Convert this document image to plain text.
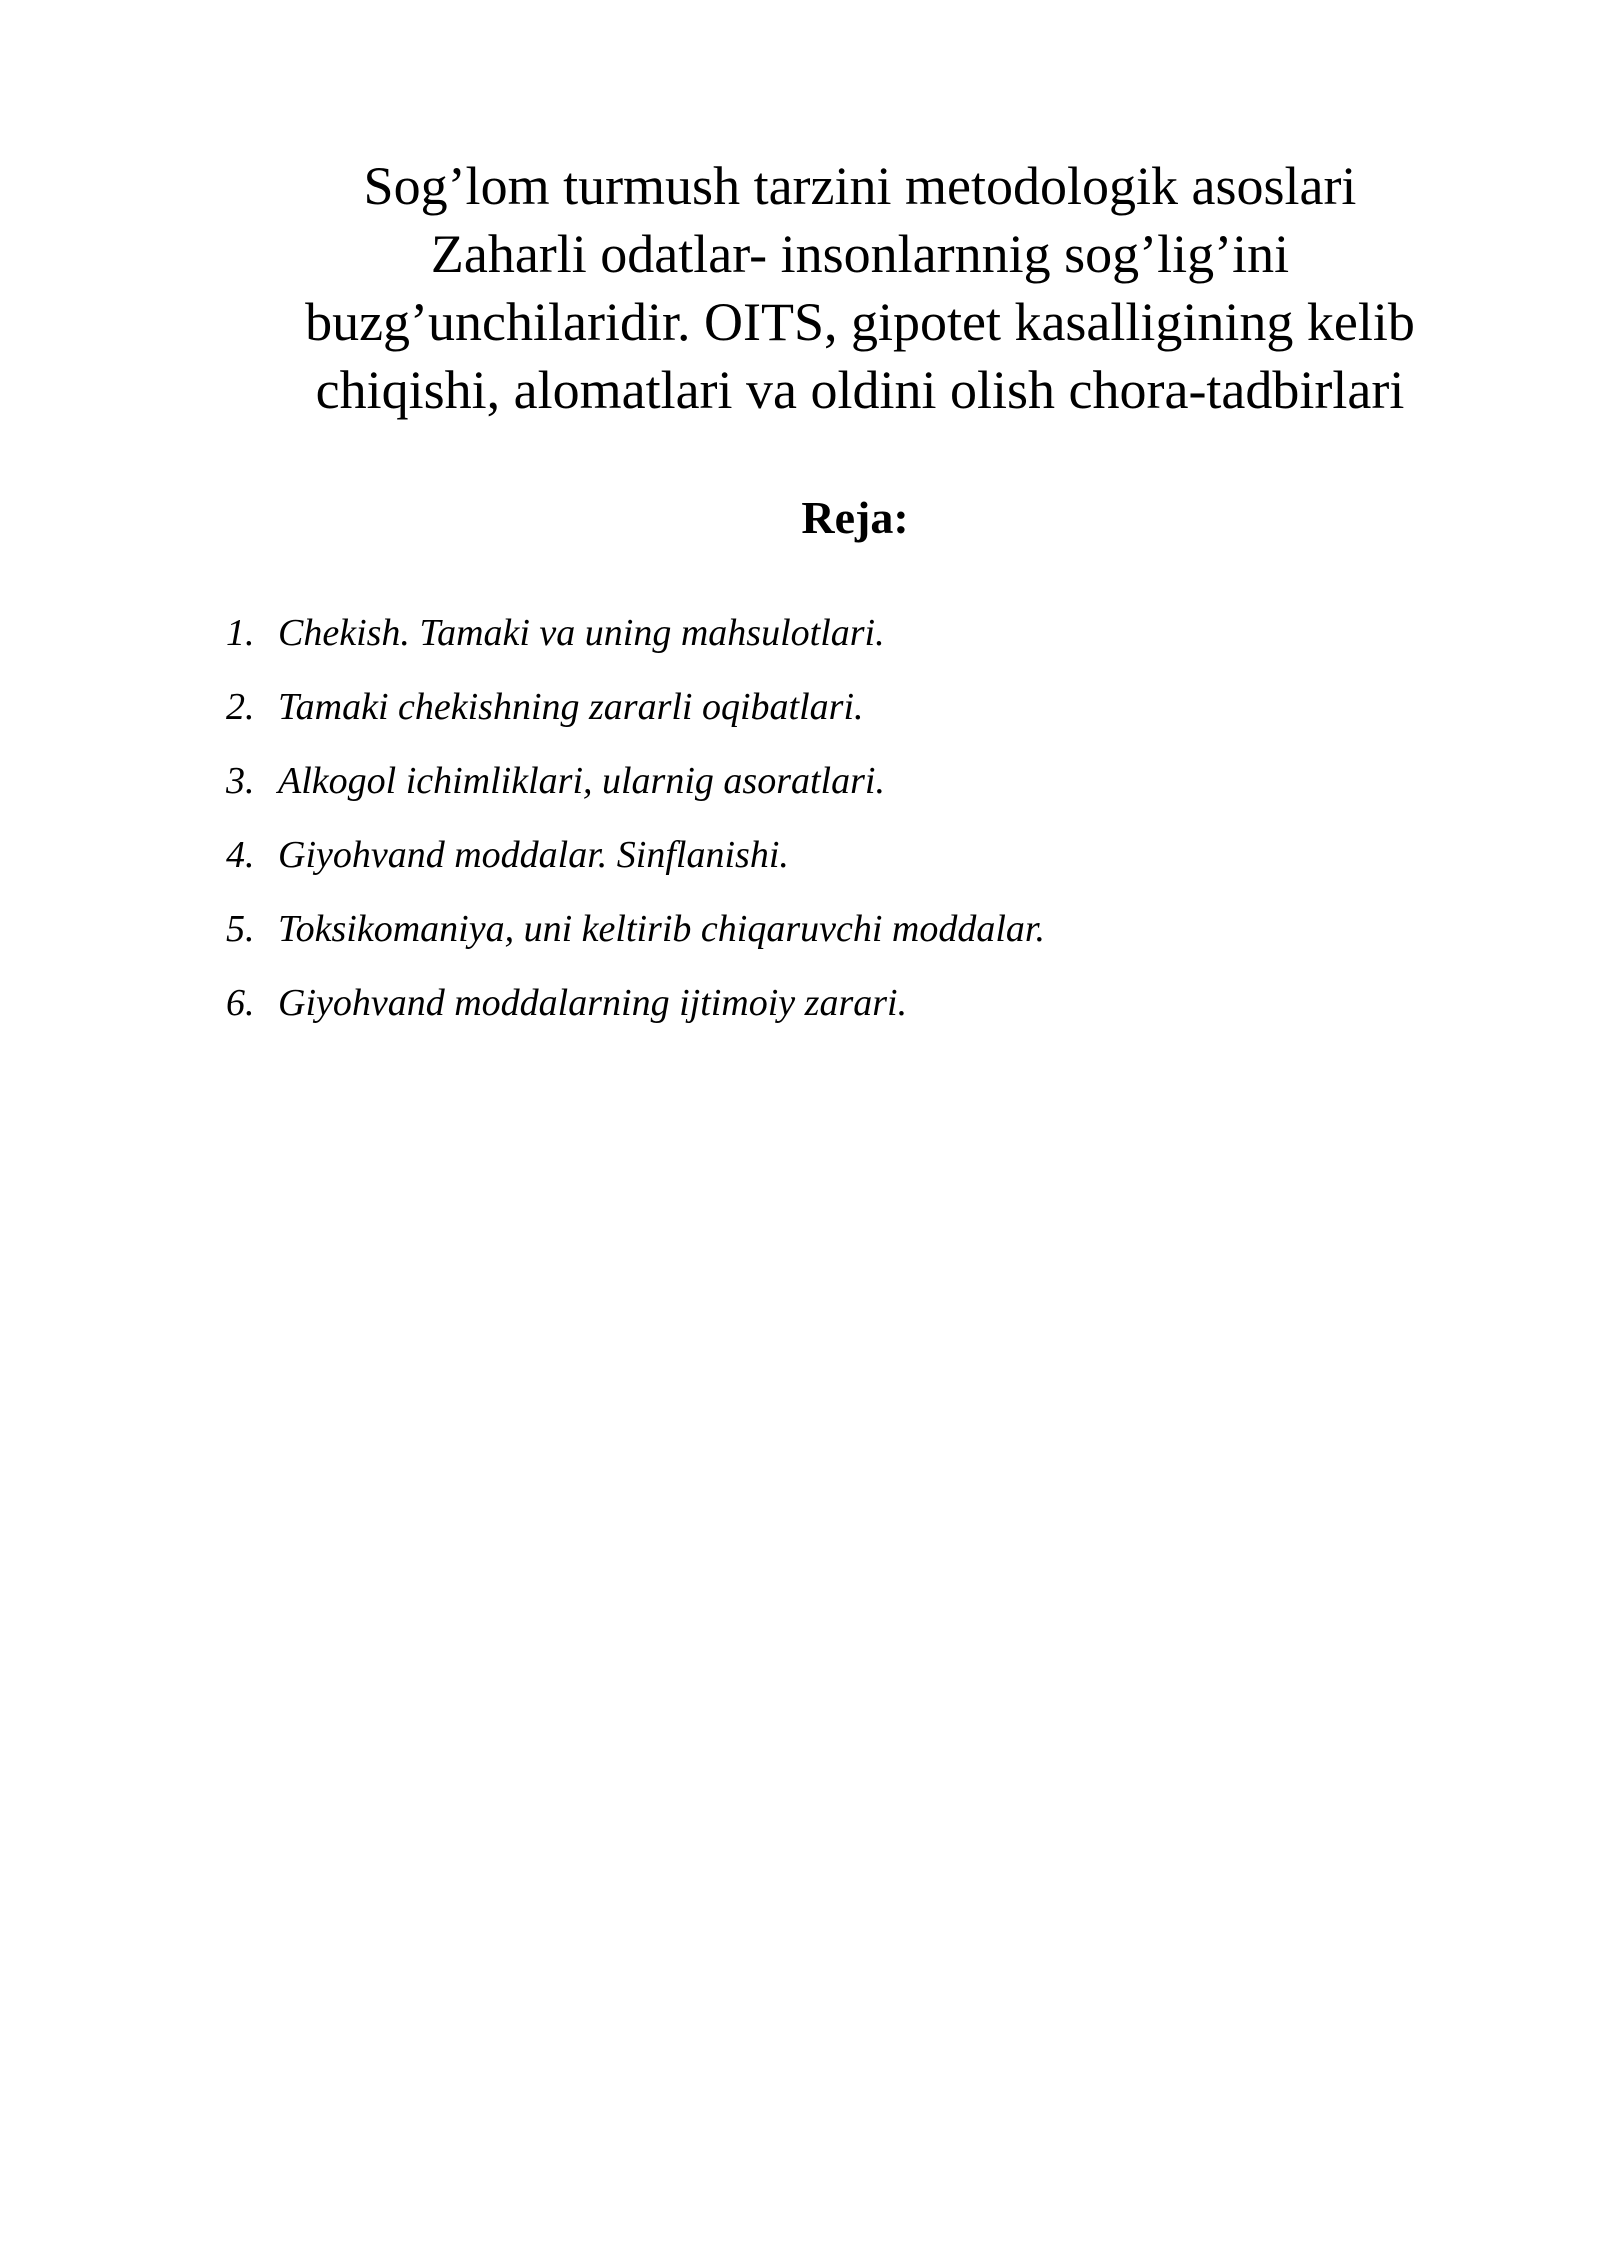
Sog’lom turmush tarzini metodologik asoslari
Zaharli odatlar- insonlarnnig sog’lig’ini
buzg’unchilaridir. OITS, gipotet kasalligining kelib
chiqishi, alomatlari va oldini olish chora-tadbirlari
Reja:
1. Chekish. Tamaki va uning mahsulotlari.
2. Tamaki chekishning zararli oqibatlari.
3. Alkogol ichimliklari, ularnig asoratlari.
4. Giyohvand moddalar. Sinflanishi.
5. Toksikomaniya, uni keltirib chiqaruvchi moddalar.
6. Giyohvand moddalarning ijtimoiy zarari.
